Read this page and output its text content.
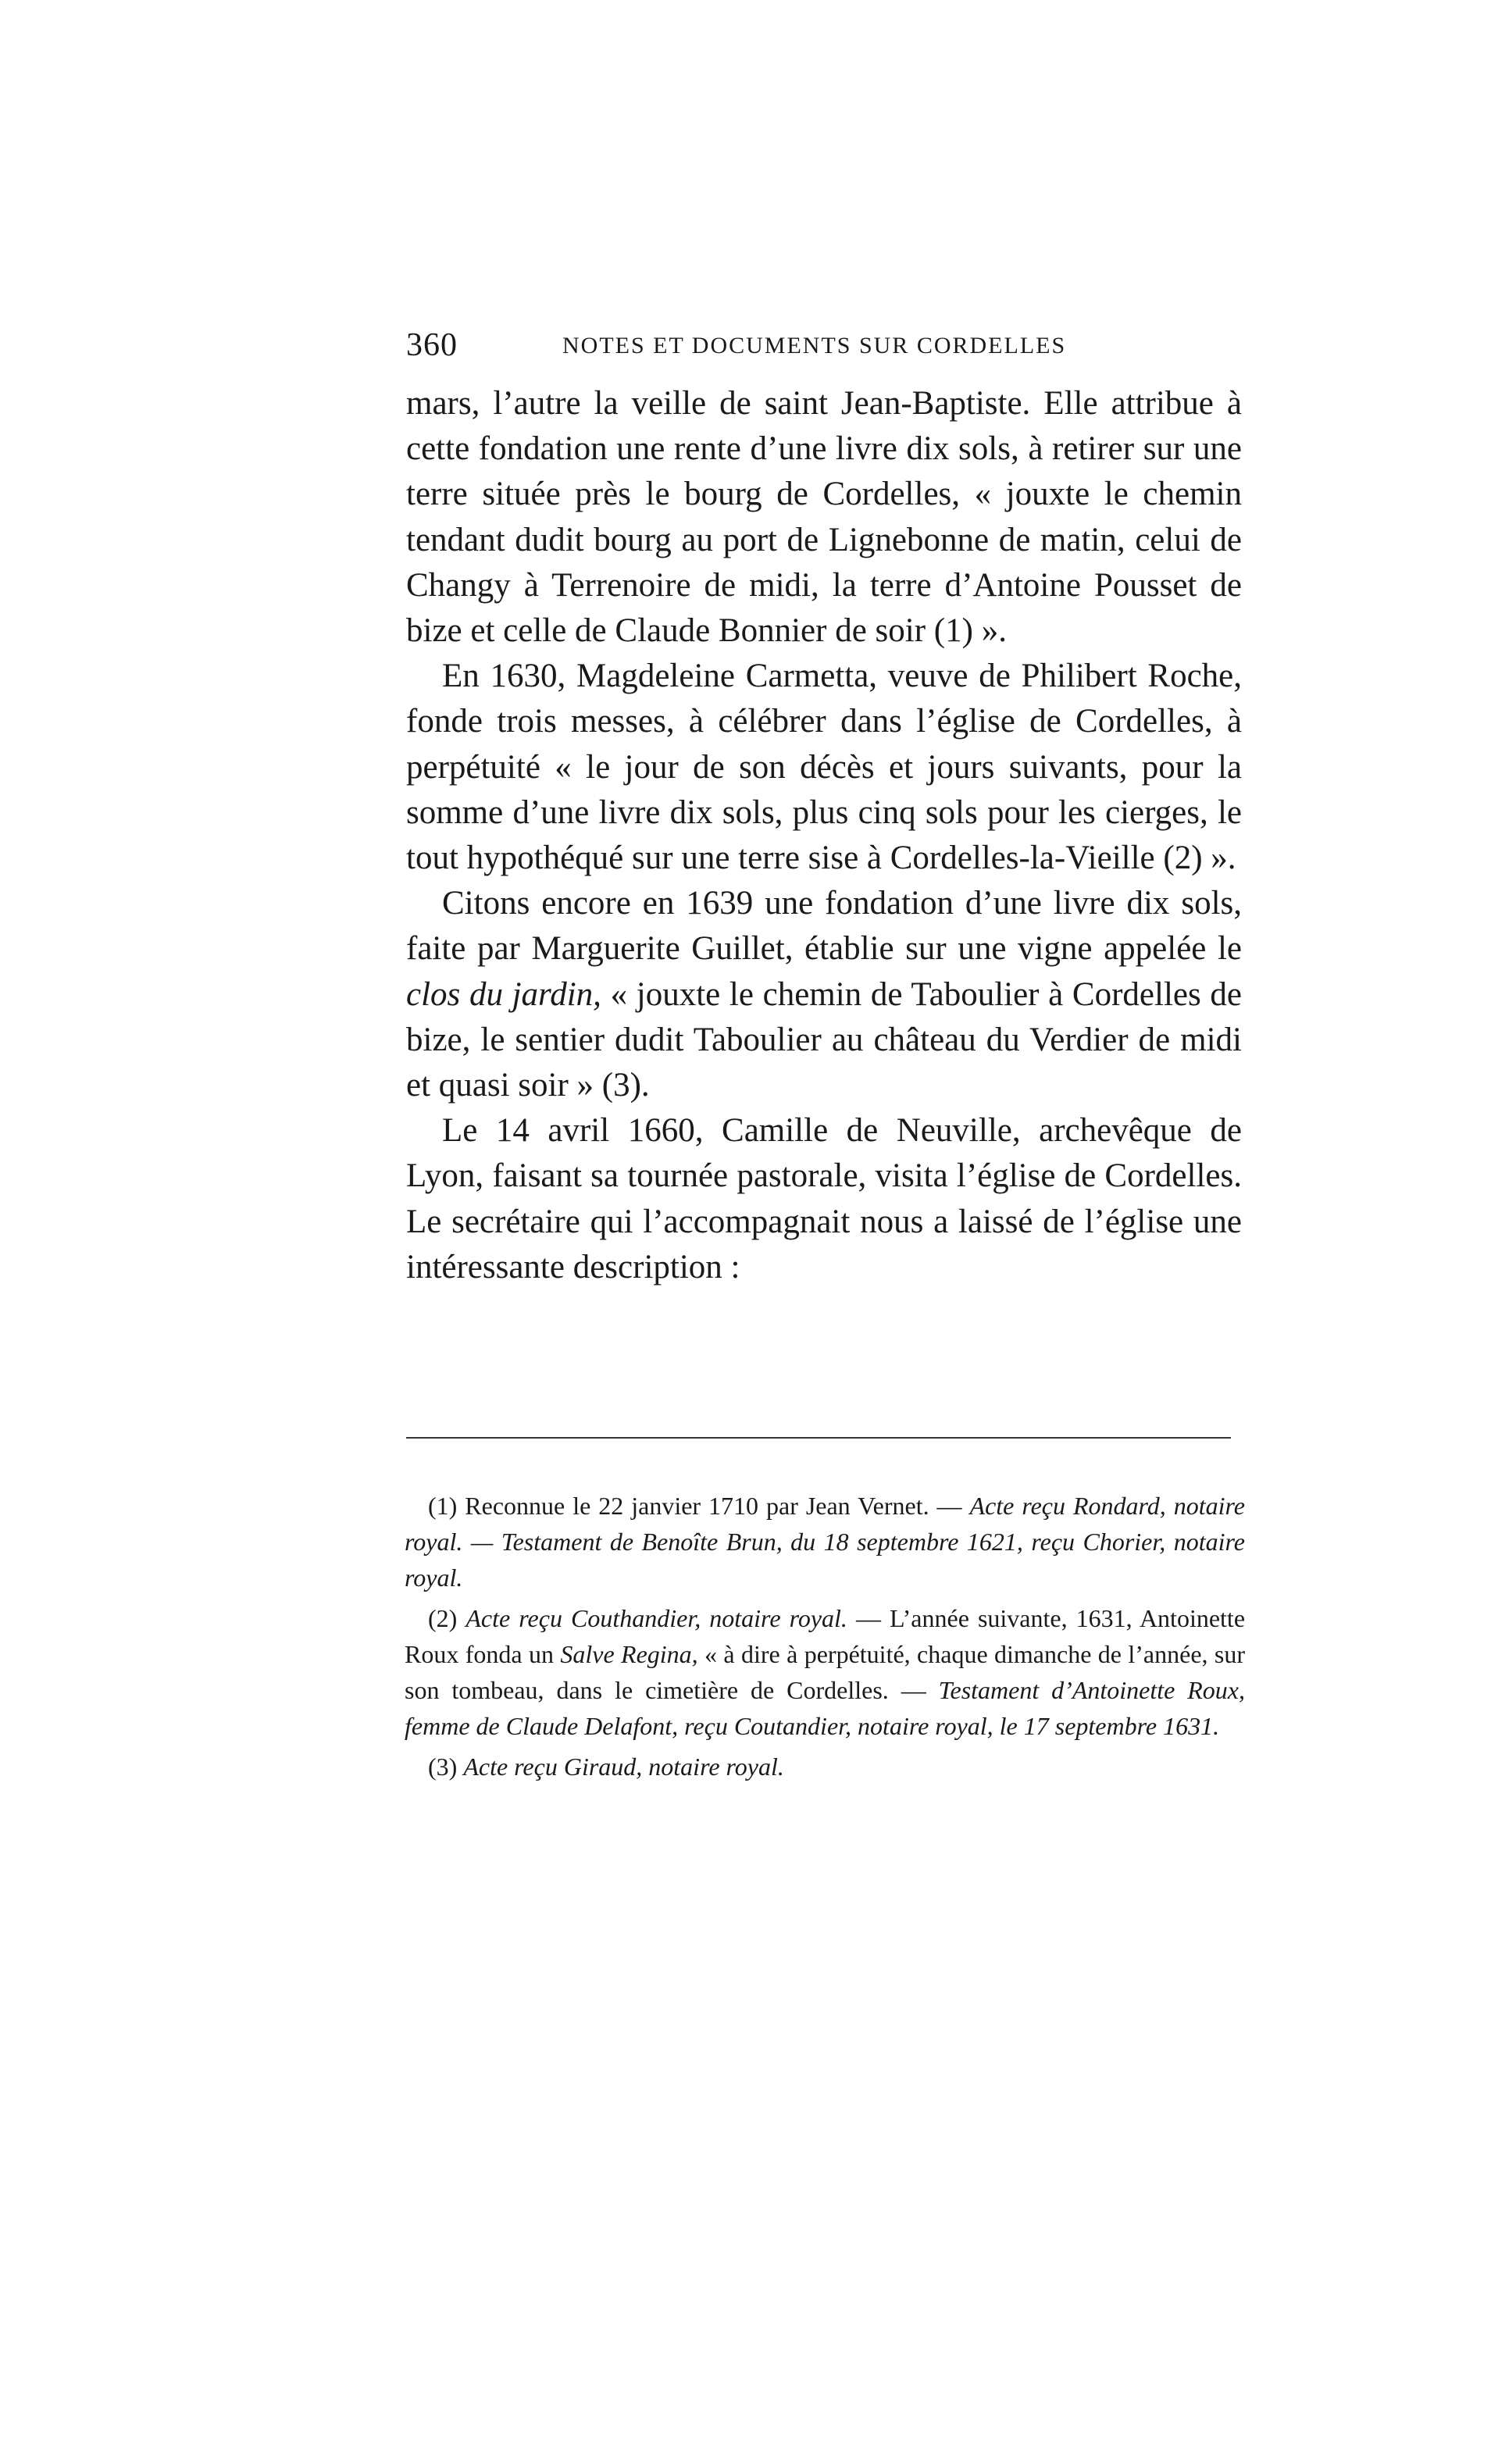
360	NOTES ET DOCUMENTS SUR CORDELLES

mars, l’autre la veille de saint Jean-Baptiste. Elle attribue à cette fondation une rente d’une livre dix sols, à retirer sur une terre située près le bourg de Cordelles, « jouxte le chemin tendant dudit bourg au port de Lignebonne de matin, celui de Changy à Terrenoire de midi, la terre d’Antoine Pousset de bize et celle de Claude Bonnier de soir (1) ».

En 1630, Magdeleine Carmetta, veuve de Philibert Roche, fonde trois messes, à célébrer dans l’église de Cordelles, à perpétuité « le jour de son décès et jours suivants, pour la somme d’une livre dix sols, plus cinq sols pour les cierges, le tout hypothéqué sur une terre sise à Cordelles-la-Vieille (2) ».

Citons encore en 1639 une fondation d’une livre dix sols, faite par Marguerite Guillet, établie sur une vigne appelée le clos du jardin, « jouxte le chemin de Taboulier à Cordelles de bize, le sentier dudit Taboulier au château du Verdier de midi et quasi soir » (3).

Le 14 avril 1660, Camille de Neuville, archevêque de Lyon, faisant sa tournée pastorale, visita l’église de Cordelles. Le secrétaire qui l’accompagnait nous a laissé de l’église une intéressante description :

(1) Reconnue le 22 janvier 1710 par Jean Vernet. — Acte reçu Rondard, notaire royal. — Testament de Benoîte Brun, du 18 septembre 1621, reçu Chorier, notaire royal.

(2) Acte reçu Couthandier, notaire royal. — L’année suivante, 1631, Antoinette Roux fonda un Salve Regina, « à dire à perpétuité, chaque dimanche de l’année, sur son tombeau, dans le cimetière de Cordelles. — Testament d’Antoinette Roux, femme de Claude Delafont, reçu Coutandier, notaire royal, le 17 septembre 1631.

(3) Acte reçu Giraud, notaire royal.
